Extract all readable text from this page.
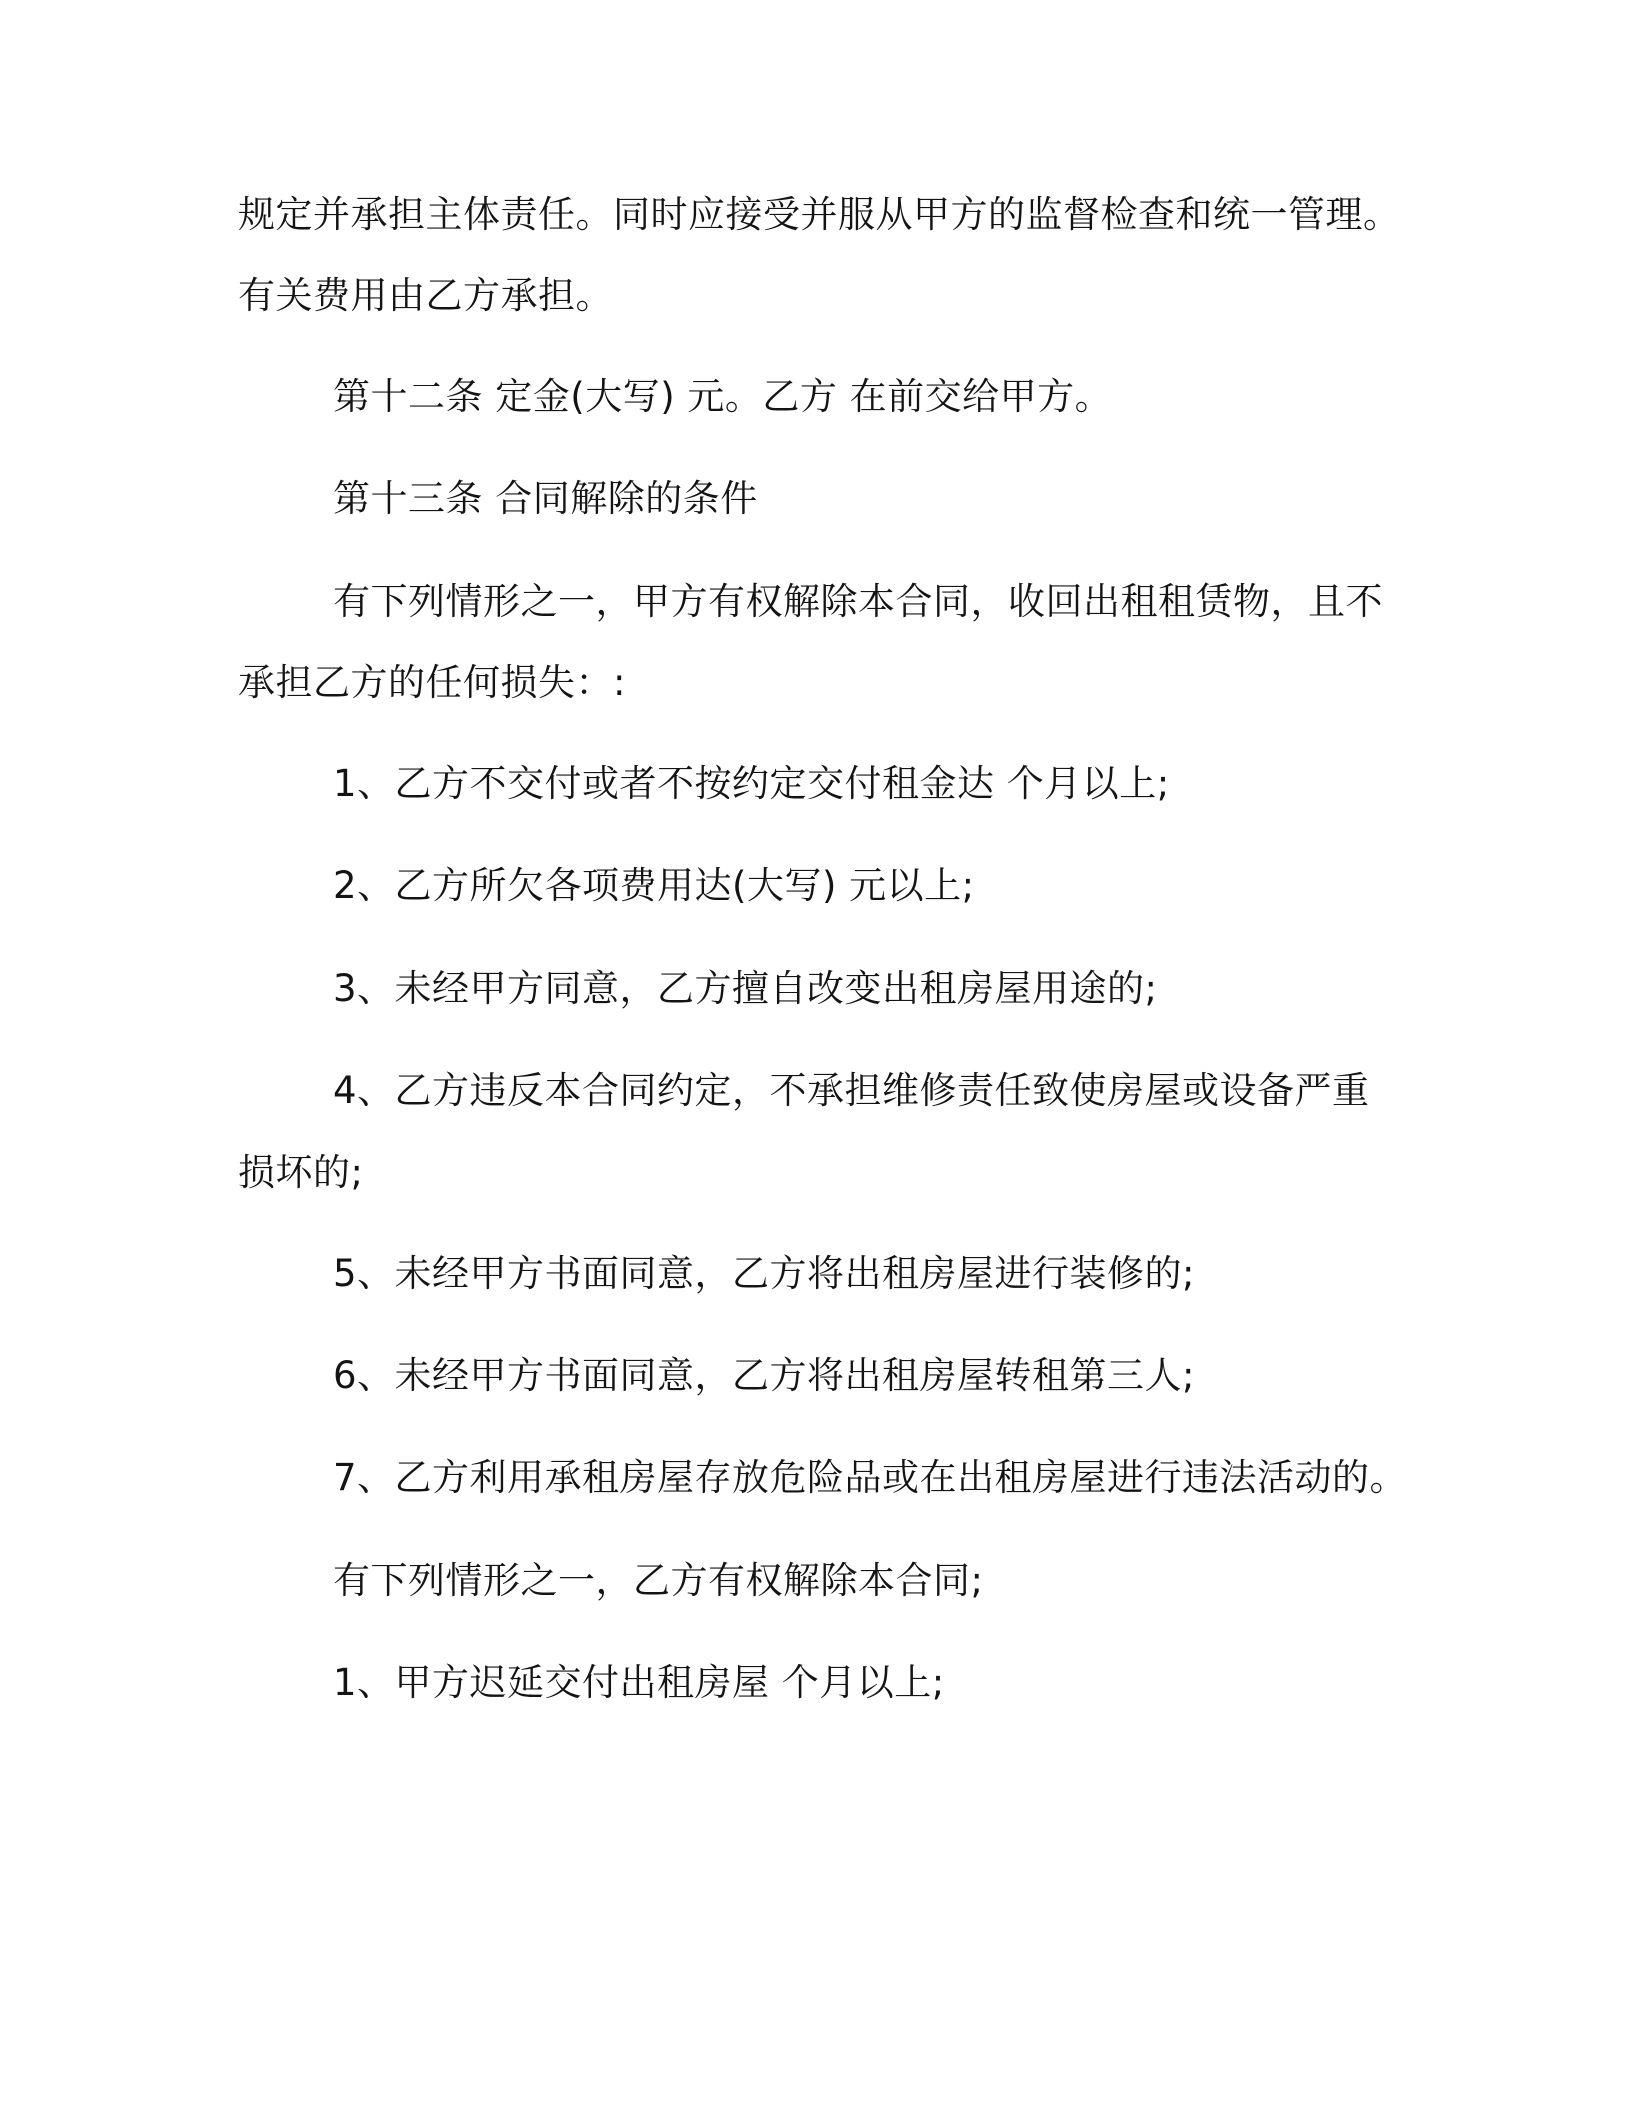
规定并承担主体责任。同时应接受并服从甲方的监督检查和统一管理。
有关费用由乙方承担。
第十二条 定金(大写) 元。乙方 在前交给甲方。
第十三条 合同解除的条件
有下列情形之一，甲方有权解除本合同，收回出租租赁物，且不
承担乙方的任何损失：:
1、乙方不交付或者不按约定交付租金达 个月以上;
2、乙方所欠各项费用达(大写) 元以上;
3、未经甲方同意，乙方擅自改变出租房屋用途的;
4、乙方违反本合同约定，不承担维修责任致使房屋或设备严重
损坏的;
5、未经甲方书面同意，乙方将出租房屋进行装修的;
6、未经甲方书面同意，乙方将出租房屋转租第三人;
7、乙方利用承租房屋存放危险品或在出租房屋进行违法活动的。
有下列情形之一，乙方有权解除本合同;
1、甲方迟延交付出租房屋 个月以上;
